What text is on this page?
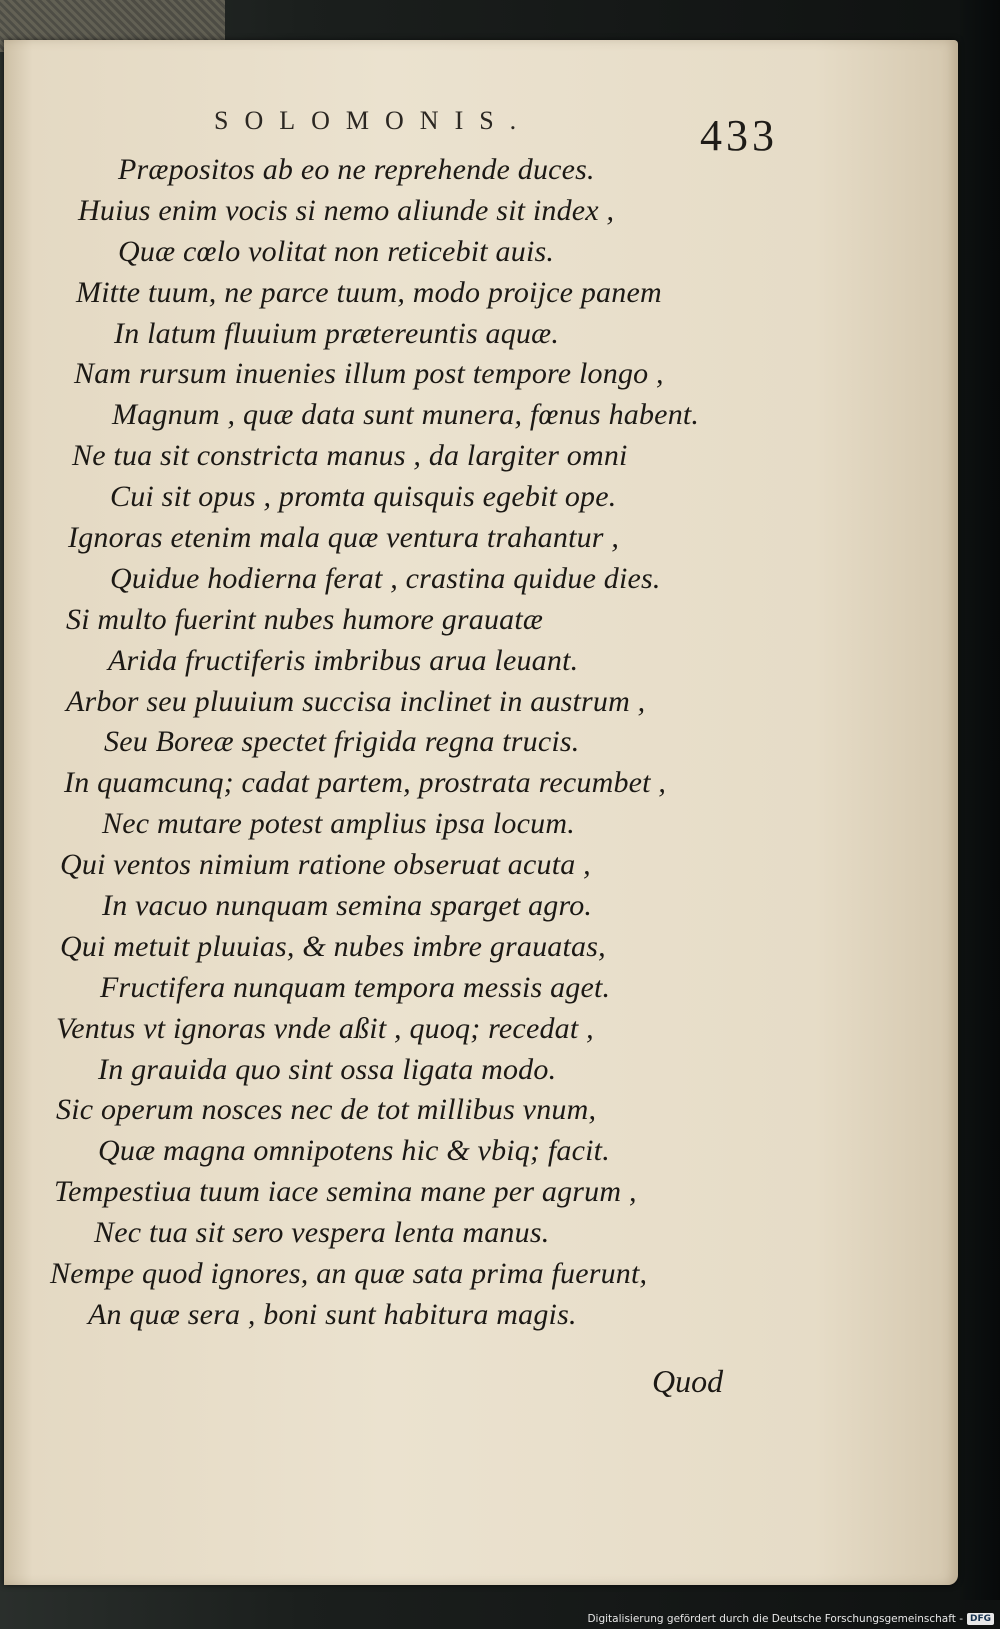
SOLOMONIS.	433
Præpositos ab eo ne reprehende duces.
Huius enim vocis si nemo aliunde sit index ,
Quæ cœlo volitat non reticebit auis.
Mitte tuum, ne parce tuum, modo proijce panem
In latum fluuium prætereuntis aquæ.
Nam rursum inuenies illum post tempore longo ,
Magnum , quæ data sunt munera, fœnus habent.
Ne tua sit constricta manus , da largiter omni
Cui sit opus , promta quisquis egebit ope.
Ignoras etenim mala quæ ventura trahantur ,
Quidue hodierna ferat , crastina quidue dies.
Si multo fuerint nubes humore grauatæ
Arida fructiferis imbribus arua leuant.
Arbor seu pluuium succisa inclinet in austrum ,
Seu Boreæ spectet frigida regna trucis.
In quamcunq; cadat partem, prostrata recumbet ,
Nec mutare potest amplius ipsa locum.
Qui ventos nimium ratione obseruat acuta ,
In vacuo nunquam semina sparget agro.
Qui metuit pluuias, & nubes imbre grauatas,
Fructifera nunquam tempora messis aget.
Ventus vt ignoras vnde aßit , quoq; recedat ,
In grauida quo sint ossa ligata modo.
Sic operum nosces nec de tot millibus vnum,
Quæ magna omnipotens hic & vbiq; facit.
Tempestiua tuum iace semina mane per agrum ,
Nec tua sit sero vespera lenta manus.
Nempe quod ignores, an quæ sata prima fuerunt,
An quæ sera , boni sunt habitura magis.
Quod
Digitalisierung gefördert durch die Deutsche Forschungsgemeinschaft - DFG
